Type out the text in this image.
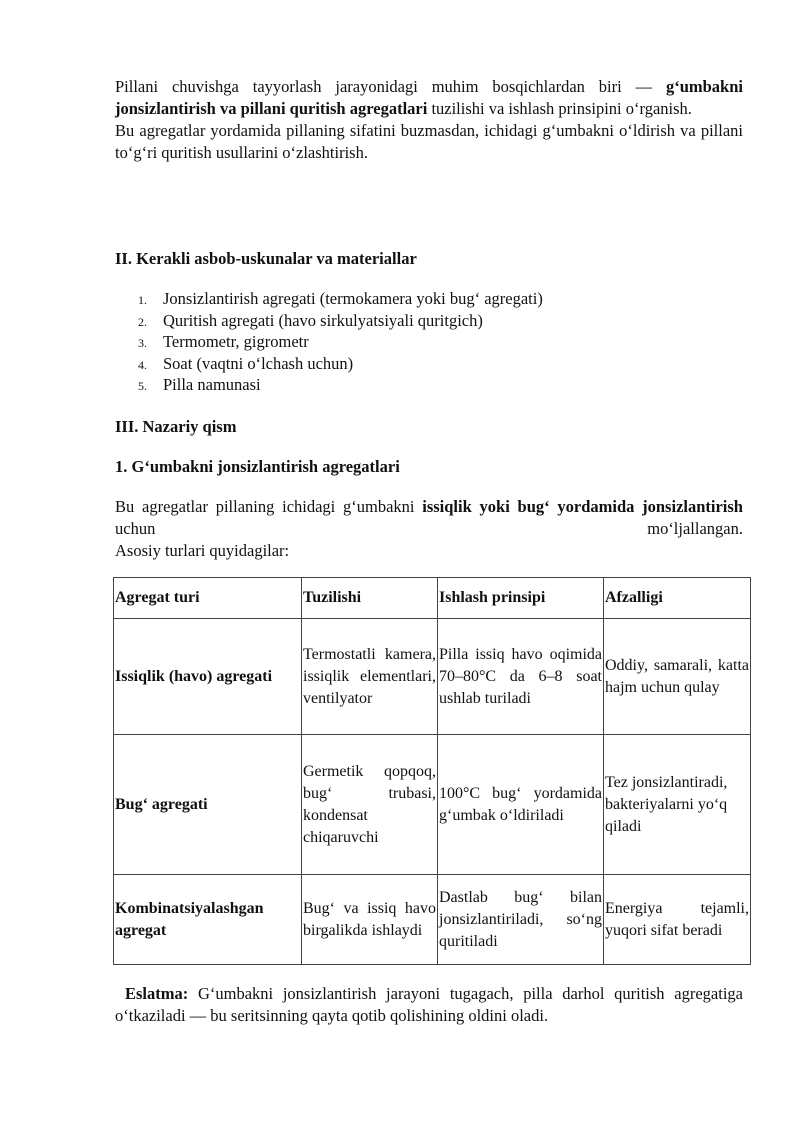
Pillani chuvishga tayyorlash jarayonidagi muhim bosqichlardan biri — g‘umbakni jonsizlantirish va pillani quritish agregatlari tuzilishi va ishlash prinsipini o‘rganish.

Bu agregatlar yordamida pillaning sifatini buzmasdan, ichidagi g‘umbakni o‘ldirish va pillani to‘g‘ri quritish usullarini o‘zlashtirish.

II. Kerakli asbob-uskunalar va materiallar
1. Jonsizlantirish agregati (termokamera yoki bug‘ agregati)
2. Quritish agregati (havo sirkulyatsiyali quritgich)
3. Termometr, gigrometr
4. Soat (vaqtni o‘lchash uchun)
5. Pilla namunasi
III. Nazariy qism
1. G‘umbakni jonsizlantirish agregatlari

Bu agregatlar pillaning ichidagi g‘umbakni issiqlik yoki bug‘ yordamida jonsizlantirish uchun mo‘ljallangan.

Asosiy turlari quyidagilar:

Agregat turi	Tuzilishi	Ishlash prinsipi	Afzalligi
Issiqlik (havo) agregati	Termostatli kamera, issiqlik elementlari, ventilyator	Pilla issiq havo oqimida 70–80°C da 6–8 soat ushlab turiladi	Oddiy, samarali, katta hajm uchun qulay
Bug‘ agregati	Germetik qopqoq, bug‘ trubasi, kondensat chiqaruvchi	100°C bug‘ yordamida g‘umbak o‘ldiriladi	Tez jonsizlantiradi, bakteriyalarni yo‘q qiladi
Kombinatsiyalashgan agregat	Bug‘ va issiq havo birgalikda ishlaydi	Dastlab bug‘ bilan jonsizlantiriladi, so‘ng quritiladi	Energiya tejamli, yuqori sifat beradi

Eslatma: G‘umbakni jonsizlantirish jarayoni tugagach, pilla darhol quritish agregatiga o‘tkaziladi — bu seritsinning qayta qotib qolishining oldini oladi.
